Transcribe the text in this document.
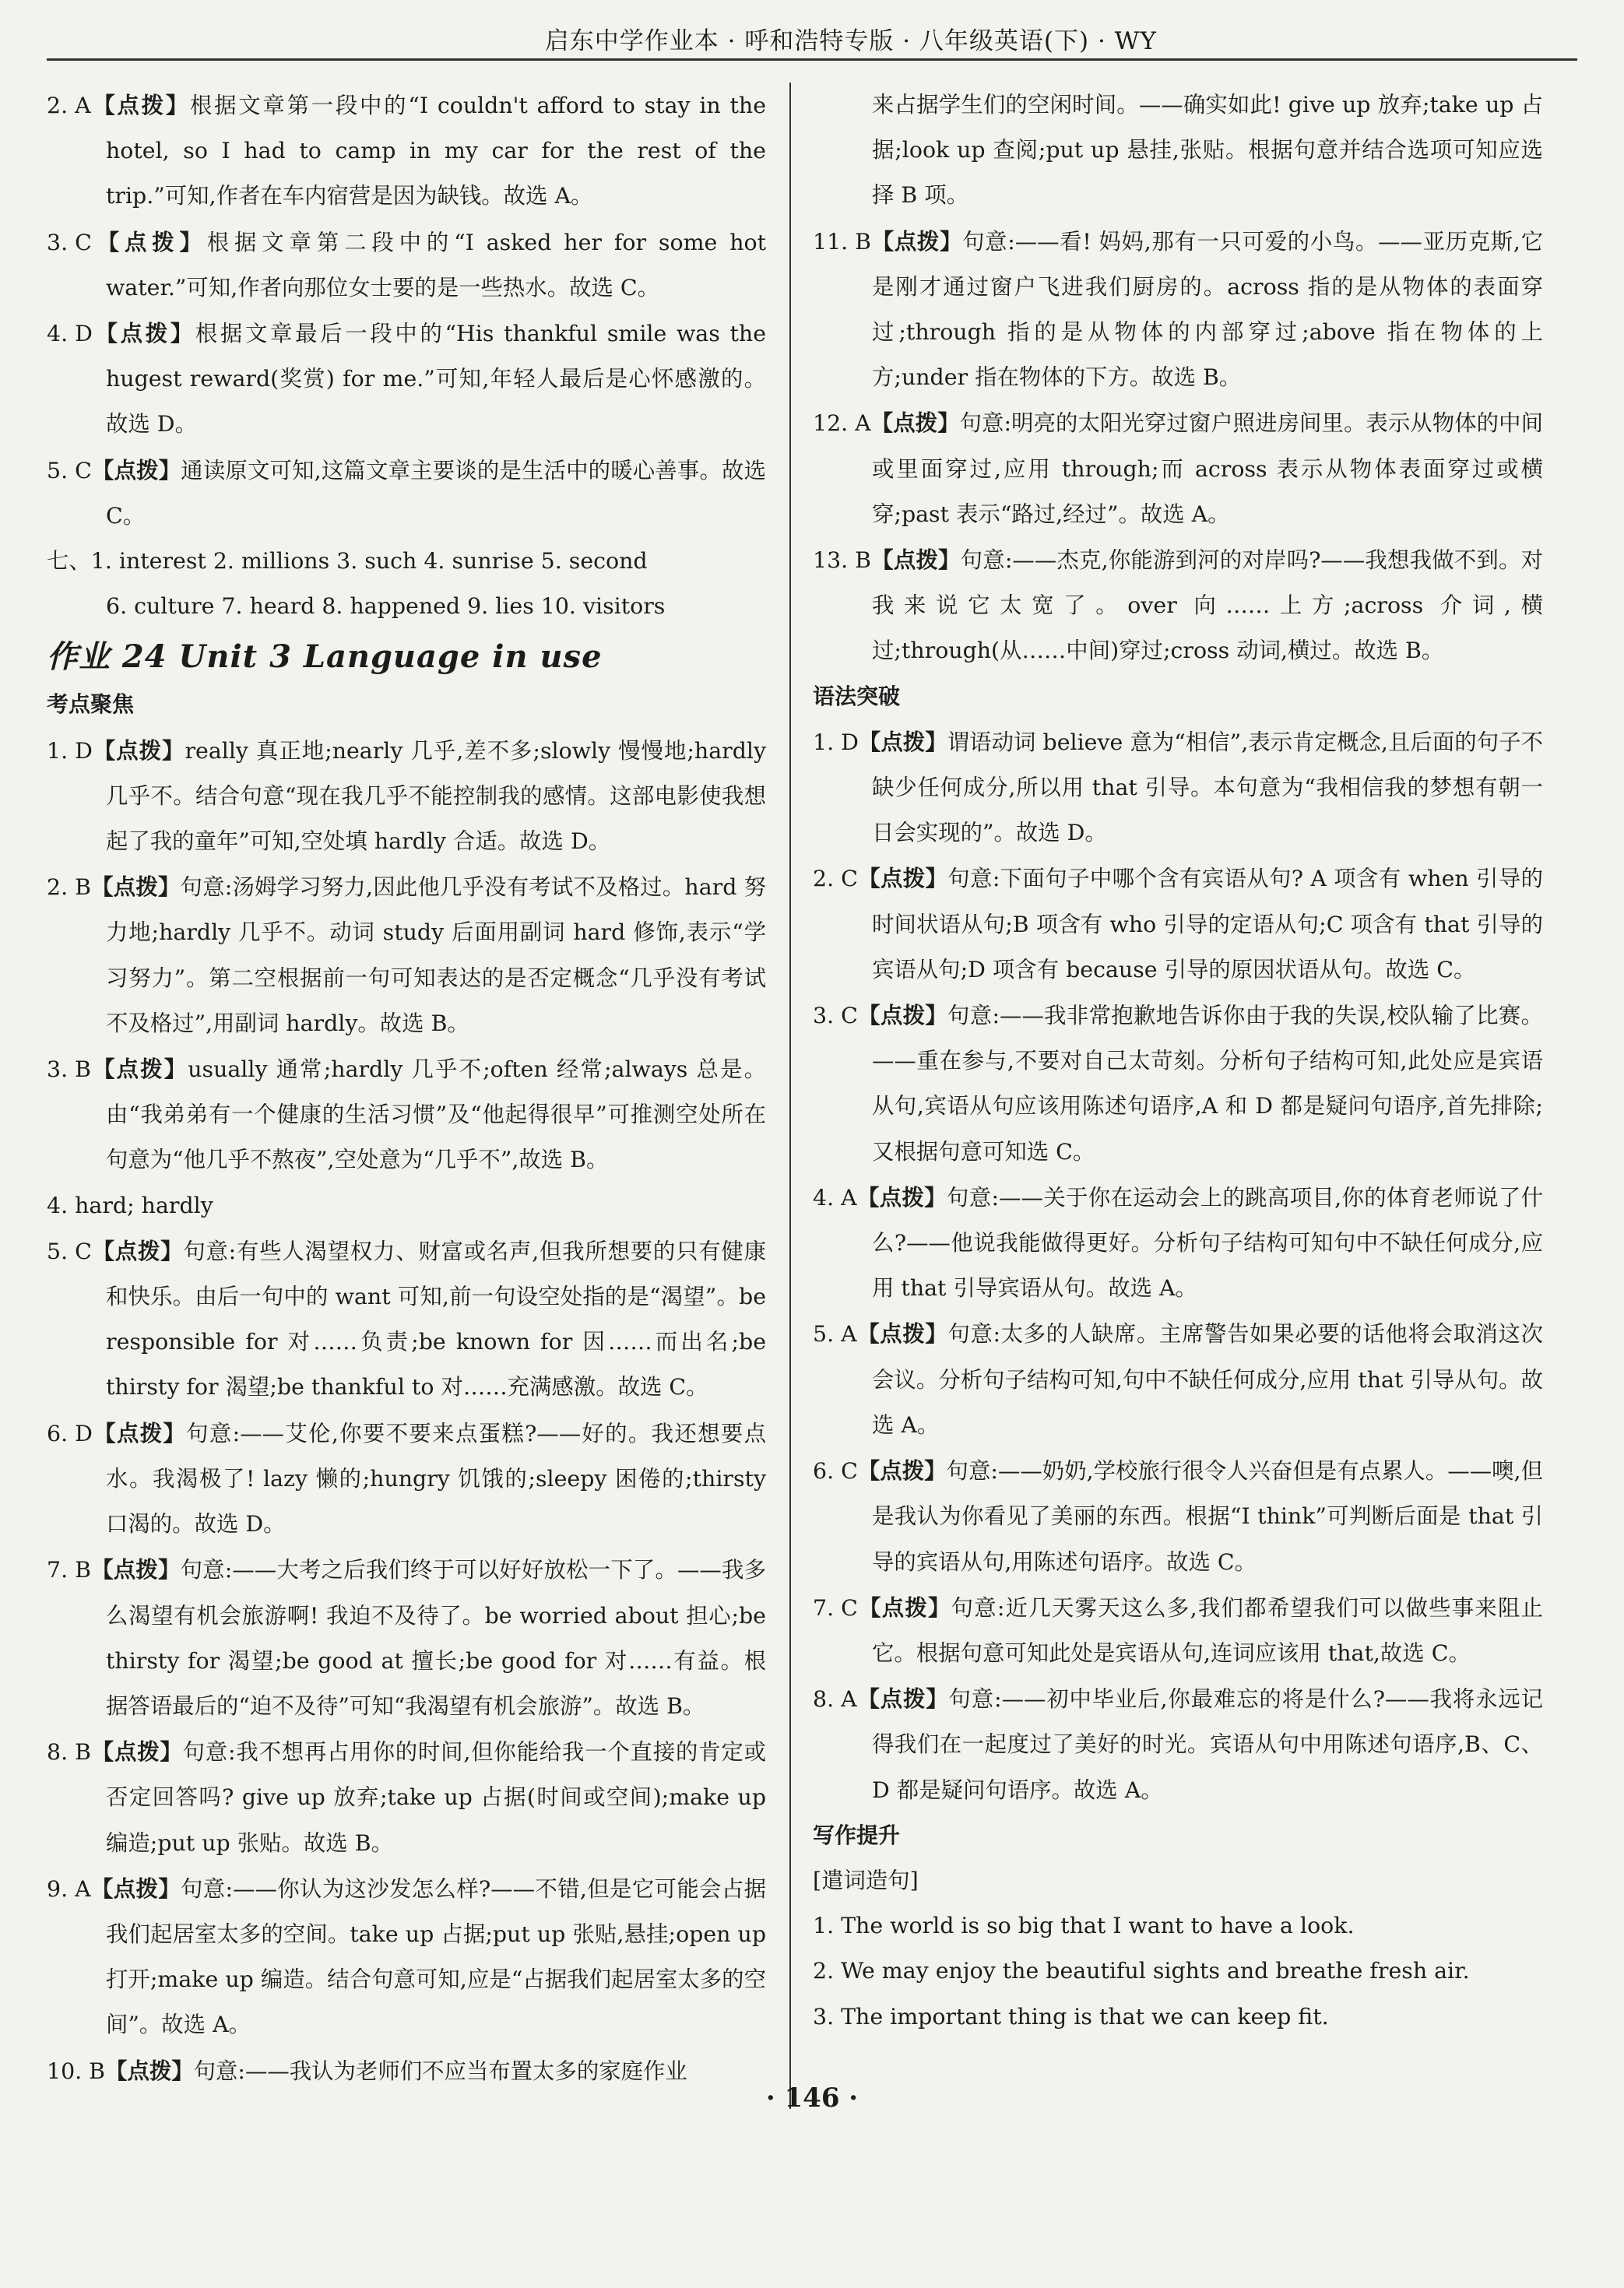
启东中学作业本 · 呼和浩特专版 · 八年级英语(下) · WY

2. A【点拨】根据文章第一段中的“I couldn't afford to stay in the hotel, so I had to camp in my car for the rest of the trip.”可知,作者在车内宿营是因为缺钱。故选 A。

3. C【点拨】根据文章第二段中的“I asked her for some hot water.”可知,作者向那位女士要的是一些热水。故选 C。

4. D【点拨】根据文章最后一段中的“His thankful smile was the hugest reward(奖赏) for me.”可知,年轻人最后是心怀感激的。故选 D。

5. C【点拨】通读原文可知,这篇文章主要谈的是生活中的暖心善事。故选 C。

七、1. interest 2. millions 3. such 4. sunrise 5. second

6. culture 7. heard 8. happened 9. lies 10. visitors

作业 24 Unit 3 Language in use

考点聚焦

1. D【点拨】really 真正地;nearly 几乎,差不多;slowly 慢慢地;hardly 几乎不。结合句意“现在我几乎不能控制我的感情。这部电影使我想起了我的童年”可知,空处填 hardly 合适。故选 D。

2. B【点拨】句意:汤姆学习努力,因此他几乎没有考试不及格过。hard 努力地;hardly 几乎不。动词 study 后面用副词 hard 修饰,表示“学习努力”。第二空根据前一句可知表达的是否定概念“几乎没有考试不及格过”,用副词 hardly。故选 B。

3. B【点拨】usually 通常;hardly 几乎不;often 经常;always 总是。由“我弟弟有一个健康的生活习惯”及“他起得很早”可推测空处所在句意为“他几乎不熬夜”,空处意为“几乎不”,故选 B。

4. hard; hardly

5. C【点拨】句意:有些人渴望权力、财富或名声,但我所想要的只有健康和快乐。由后一句中的 want 可知,前一句设空处指的是“渴望”。be responsible for 对……负责;be known for 因……而出名;be thirsty for 渴望;be thankful to 对……充满感激。故选 C。

6. D【点拨】句意:——艾伦,你要不要来点蛋糕?——好的。我还想要点水。我渴极了! lazy 懒的;hungry 饥饿的;sleepy 困倦的;thirsty 口渴的。故选 D。

7. B【点拨】句意:——大考之后我们终于可以好好放松一下了。——我多么渴望有机会旅游啊! 我迫不及待了。be worried about 担心;be thirsty for 渴望;be good at 擅长;be good for 对……有益。根据答语最后的“迫不及待”可知“我渴望有机会旅游”。故选 B。

8. B【点拨】句意:我不想再占用你的时间,但你能给我一个直接的肯定或否定回答吗? give up 放弃;take up 占据(时间或空间);make up 编造;put up 张贴。故选 B。

9. A【点拨】句意:——你认为这沙发怎么样?——不错,但是它可能会占据我们起居室太多的空间。take up 占据;put up 张贴,悬挂;open up 打开;make up 编造。结合句意可知,应是“占据我们起居室太多的空间”。故选 A。

10. B【点拨】句意:——我认为老师们不应当布置太多的家庭作业

来占据学生们的空闲时间。——确实如此! give up 放弃;take up 占据;look up 查阅;put up 悬挂,张贴。根据句意并结合选项可知应选择 B 项。

11. B【点拨】句意:——看! 妈妈,那有一只可爱的小鸟。——亚历克斯,它是刚才通过窗户飞进我们厨房的。across 指的是从物体的表面穿过;through 指的是从物体的内部穿过;above 指在物体的上方;under 指在物体的下方。故选 B。

12. A【点拨】句意:明亮的太阳光穿过窗户照进房间里。表示从物体的中间或里面穿过,应用 through;而 across 表示从物体表面穿过或横穿;past 表示“路过,经过”。故选 A。

13. B【点拨】句意:——杰克,你能游到河的对岸吗?——我想我做不到。对我来说它太宽了。over 向……上方;across 介词,横过;through(从……中间)穿过;cross 动词,横过。故选 B。

语法突破

1. D【点拨】谓语动词 believe 意为“相信”,表示肯定概念,且后面的句子不缺少任何成分,所以用 that 引导。本句意为“我相信我的梦想有朝一日会实现的”。故选 D。

2. C【点拨】句意:下面句子中哪个含有宾语从句? A 项含有 when 引导的时间状语从句;B 项含有 who 引导的定语从句;C 项含有 that 引导的宾语从句;D 项含有 because 引导的原因状语从句。故选 C。

3. C【点拨】句意:——我非常抱歉地告诉你由于我的失误,校队输了比赛。——重在参与,不要对自己太苛刻。分析句子结构可知,此处应是宾语从句,宾语从句应该用陈述句语序,A 和 D 都是疑问句语序,首先排除;又根据句意可知选 C。

4. A【点拨】句意:——关于你在运动会上的跳高项目,你的体育老师说了什么?——他说我能做得更好。分析句子结构可知句中不缺任何成分,应用 that 引导宾语从句。故选 A。

5. A【点拨】句意:太多的人缺席。主席警告如果必要的话他将会取消这次会议。分析句子结构可知,句中不缺任何成分,应用 that 引导从句。故选 A。

6. C【点拨】句意:——奶奶,学校旅行很令人兴奋但是有点累人。——噢,但是我认为你看见了美丽的东西。根据“I think”可判断后面是 that 引导的宾语从句,用陈述句语序。故选 C。

7. C【点拨】句意:近几天雾天这么多,我们都希望我们可以做些事来阻止它。根据句意可知此处是宾语从句,连词应该用 that,故选 C。

8. A【点拨】句意:——初中毕业后,你最难忘的将是什么?——我将永远记得我们在一起度过了美好的时光。宾语从句中用陈述句语序,B、C、D 都是疑问句语序。故选 A。

写作提升

[遣词造句]

1. The world is so big that I want to have a look.

2. We may enjoy the beautiful sights and breathe fresh air.

3. The important thing is that we can keep fit.

· 146 ·
